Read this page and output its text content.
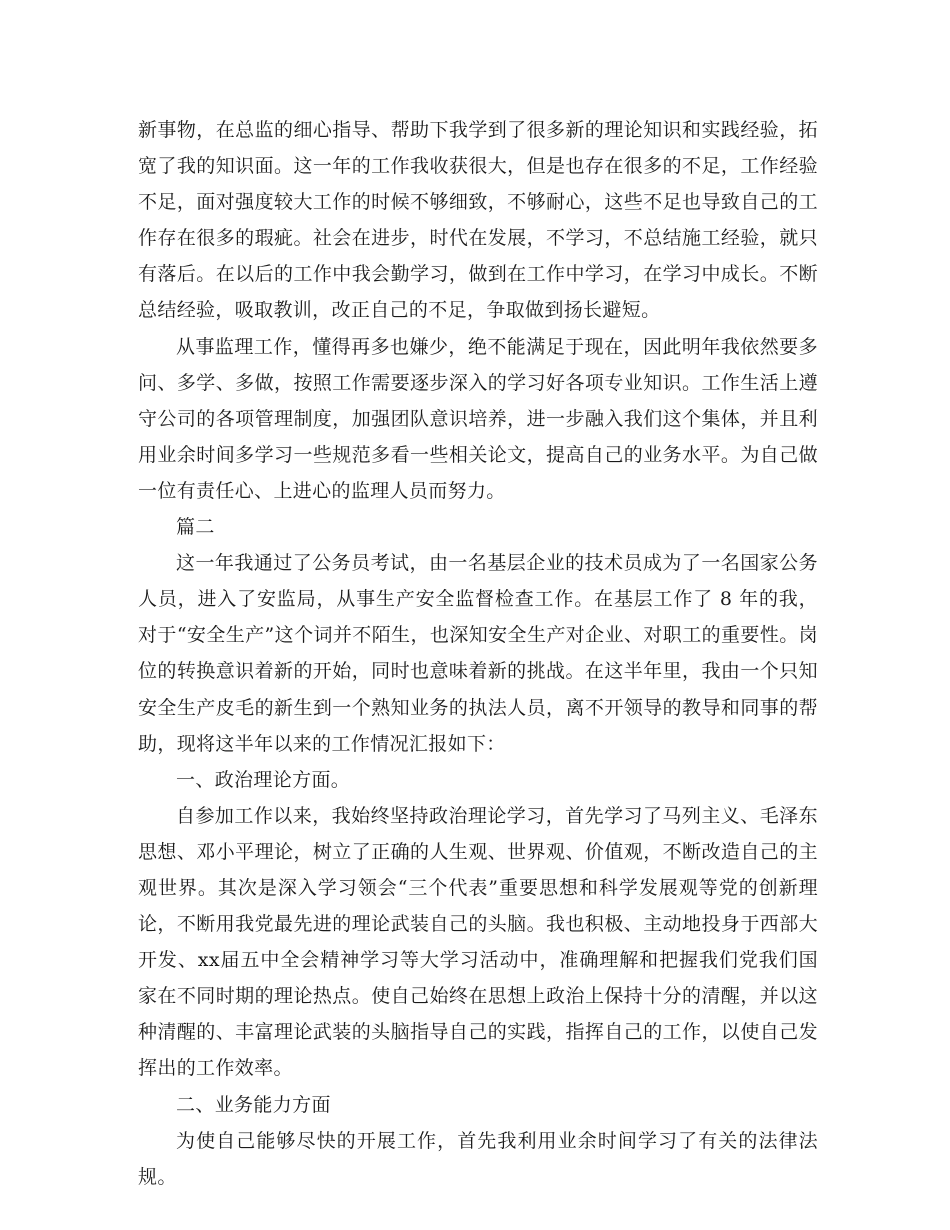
新事物，在总监的细心指导、帮助下我学到了很多新的理论知识和实践经验，拓宽了我的知识面。这一年的工作我收获很大，但是也存在很多的不足，工作经验不足，面对强度较大工作的时候不够细致，不够耐心，这些不足也导致自己的工作存在很多的瑕疵。社会在进步，时代在发展，不学习，不总结施工经验，就只有落后。在以后的工作中我会勤学习，做到在工作中学习，在学习中成长。不断总结经验，吸取教训，改正自己的不足，争取做到扬长避短。

从事监理工作，懂得再多也嫌少，绝不能满足于现在，因此明年我依然要多问、多学、多做，按照工作需要逐步深入的学习好各项专业知识。工作生活上遵守公司的各项管理制度，加强团队意识培养，进一步融入我们这个集体，并且利用业余时间多学习一些规范多看一些相关论文，提高自己的业务水平。为自己做一位有责任心、上进心的监理人员而努力。

篇二

这一年我通过了公务员考试，由一名基层企业的技术员成为了一名国家公务人员，进入了安监局，从事生产安全监督检查工作。在基层工作了 8 年的我，对于“安全生产”这个词并不陌生，也深知安全生产对企业、对职工的重要性。岗位的转换意识着新的开始，同时也意味着新的挑战。在这半年里，我由一个只知安全生产皮毛的新生到一个熟知业务的执法人员，离不开领导的教导和同事的帮助，现将这半年以来的工作情况汇报如下：

一、政治理论方面。

自参加工作以来，我始终坚持政治理论学习，首先学习了马列主义、毛泽东思想、邓小平理论，树立了正确的人生观、世界观、价值观，不断改造自己的主观世界。其次是深入学习领会“三个代表”重要思想和科学发展观等党的创新理论，不断用我党最先进的理论武装自己的头脑。我也积极、主动地投身于西部大开发、xx届五中全会精神学习等大学习活动中，准确理解和把握我们党我们国家在不同时期的理论热点。使自己始终在思想上政治上保持十分的清醒，并以这种清醒的、丰富理论武装的头脑指导自己的实践，指挥自己的工作，以使自己发挥出的工作效率。

二、业务能力方面

为使自己能够尽快的开展工作，首先我利用业余时间学习了有关的法律法规。
